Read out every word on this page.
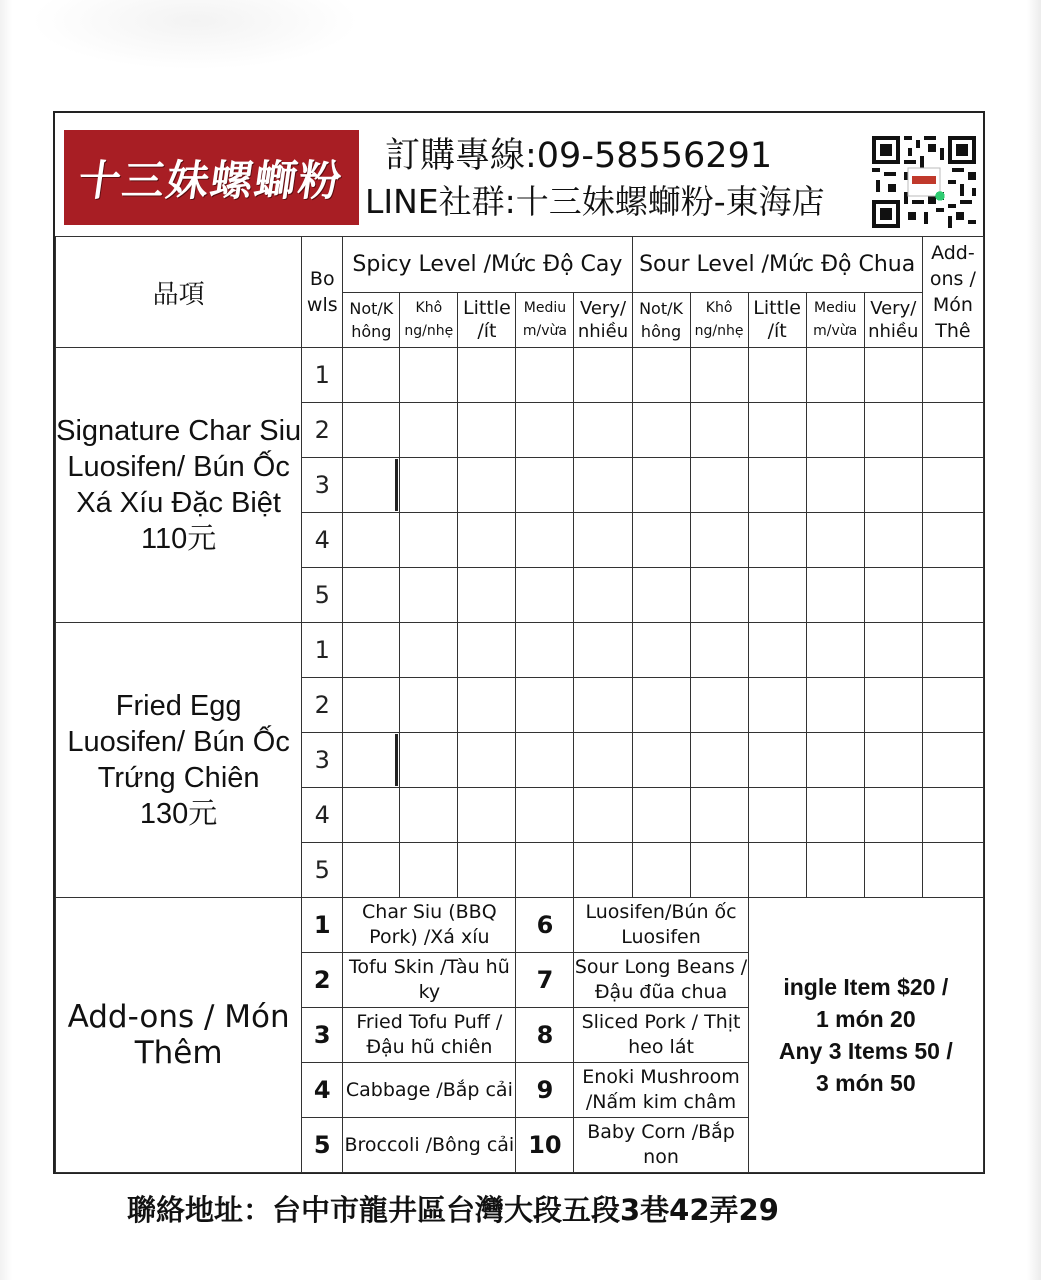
十三妹螺螄粉 訂購專線:09-58556291
LINE社群:十三妹螺螄粉-東海店
品項	Bo wls	Spicy Level /Mức Độ Cay					Sour Level /Mức Độ Chua					Add-ons / Món Thê
		Not/K hông	Khô ng/nhẹ	Little /ít	Mediu m/vừa	Very/ nhiều	Not/K hông	Khô ng/nhẹ	Little /ít	Mediu m/vừa	Very/ nhiều	

Signature Char Siu Luosifen/ Bún Ốc Xá Xíu Đặc Biệt
110元	1											
	2											
	3	

	4											
	5											

Fried Egg Luosifen/ Bún Ốc Trứng Chiên
130元	1											
	2											
	3	

	4											
	5											
Add-ons / Món Thêm	1	Char Siu (BBQ Pork) /Xá xíu			6	Luosifen/Bún ốc Luosifen			ingle Item $20 /
1 món 20
Any 3 Items 50 /
3 món 50			

	2	Tofu Skin /Tàu hũ ky			7	Sour Long Beans /Đậu đũa chua						
	3	Fried Tofu Puff /Đậu hũ chiên			8	Sliced Pork / Thịt heo lát						
	4	Cabbage /Bắp cải			9	Enoki Mushroom /Nấm kim châm						
	5	Broccoli /Bông cải			10	Baby Corn /Bắp non						
聯絡地址：台中市龍井區台灣大段五段3巷42弄29
